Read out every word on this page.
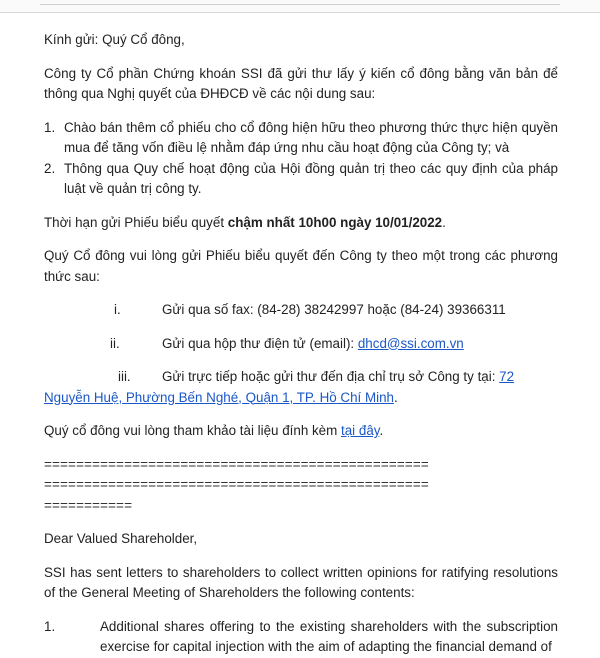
Kính gửi: Quý Cổ đông,

Công ty Cổ phần Chứng khoán SSI đã gửi thư lấy ý kiến cổ đông bằng văn bản để thông qua Nghị quyết của ĐHĐCĐ về các nội dung sau:

1. Chào bán thêm cổ phiếu cho cổ đông hiện hữu theo phương thức thực hiện quyền mua để tăng vốn điều lệ nhằm đáp ứng nhu cầu hoạt động của Công ty; và
2. Thông qua Quy chế hoạt động của Hội đồng quản trị theo các quy định của pháp luật về quản trị công ty.

Thời hạn gửi Phiếu biểu quyết chậm nhất 10h00 ngày 10/01/2022.

Quý Cổ đông vui lòng gửi Phiếu biểu quyết đến Công ty theo một trong các phương thức sau:

i.	Gửi qua số fax: (84-28) 38242997 hoặc (84-24) 39366311
ii.	Gửi qua hộp thư điện tử (email): dhcd@ssi.com.vn
iii. Gửi trực tiếp hoặc gửi thư đến địa chỉ trụ sở Công ty tại: 72
Nguyễn Huệ, Phường Bến Nghé, Quận 1, TP. Hồ Chí Minh.

Quý cổ đông vui lòng tham khảo tài liệu đính kèm tại đây.

================================================
================================================
===========

Dear Valued Shareholder,

SSI has sent letters to shareholders to collect written opinions for ratifying resolutions of the General Meeting of Shareholders the following contents:

1.	Additional shares offering to the existing shareholders with the subscription exercise for capital injection with the aim of adapting the financial demand of
